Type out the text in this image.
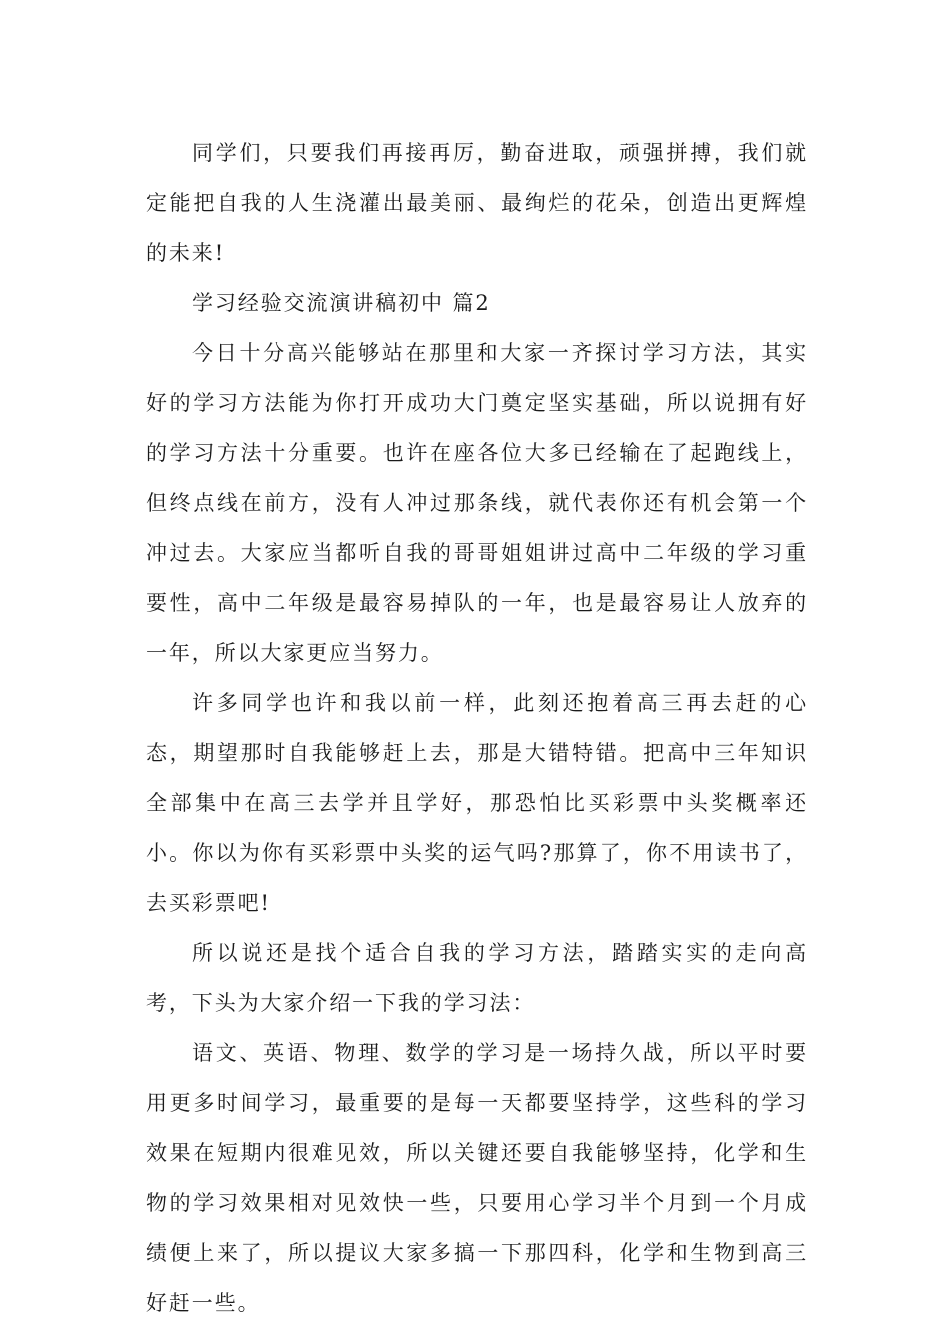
同学们，只要我们再接再厉，勤奋进取，顽强拼搏，我们就定能把自我的人生浇灌出最美丽、最绚烂的花朵，创造出更辉煌的未来!

学习经验交流演讲稿初中 篇2

今日十分高兴能够站在那里和大家一齐探讨学习方法，其实好的学习方法能为你打开成功大门奠定坚实基础，所以说拥有好的学习方法十分重要。也许在座各位大多已经输在了起跑线上，但终点线在前方，没有人冲过那条线，就代表你还有机会第一个冲过去。大家应当都听自我的哥哥姐姐讲过高中二年级的学习重要性，高中二年级是最容易掉队的一年，也是最容易让人放弃的一年，所以大家更应当努力。

许多同学也许和我以前一样，此刻还抱着高三再去赶的心态，期望那时自我能够赶上去，那是大错特错。把高中三年知识全部集中在高三去学并且学好，那恐怕比买彩票中头奖概率还小。你以为你有买彩票中头奖的运气吗?那算了，你不用读书了，去买彩票吧!

所以说还是找个适合自我的学习方法，踏踏实实的走向高考，下头为大家介绍一下我的学习法：

语文、英语、物理、数学的学习是一场持久战，所以平时要用更多时间学习，最重要的是每一天都要坚持学，这些科的学习效果在短期内很难见效，所以关键还要自我能够坚持，化学和生物的学习效果相对见效快一些，只要用心学习半个月到一个月成绩便上来了，所以提议大家多搞一下那四科，化学和生物到高三好赶一些。
